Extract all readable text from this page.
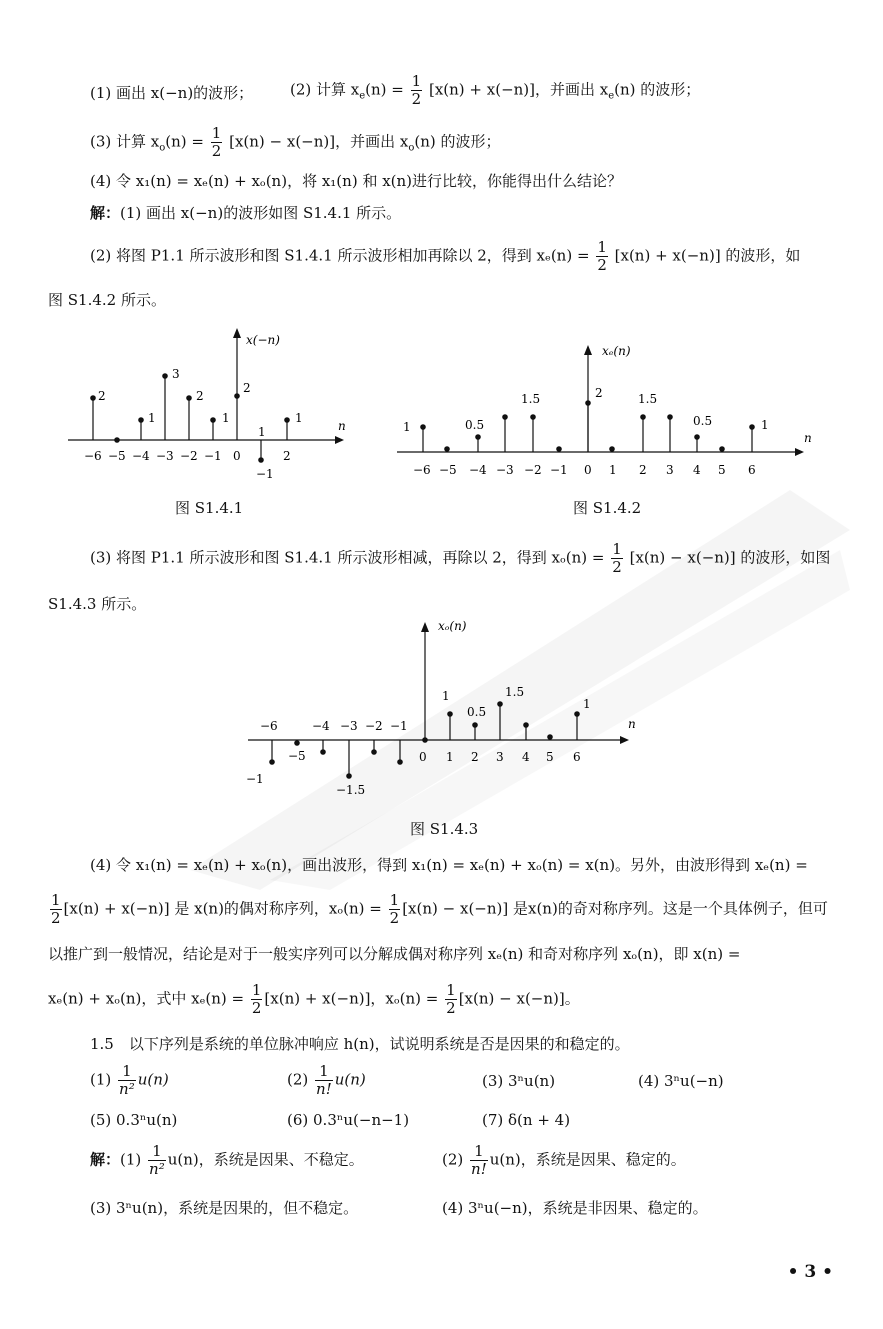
(1) 画出 x(−n)的波形； (2) 计算 $x_e(n) = \frac{1}{2} [x(n) + x(-n)]$，并画出 $x_e(n)$ 的波形；
(3) 计算 $x_o(n) = \frac{1}{2} [x(n) - x(-n)]$，并画出 $x_o(n)$ 的波形；
(4) 令 x₁(n) = xₑ(n) + xₒ(n)，将 x₁(n) 和 x(n)进行比较，你能得出什么结论？
解：(1) 画出 x(−n)的波形如图 S1.4.1 所示。
(2) 将图 P1.1 所示波形和图 S1.4.1 所示波形相加再除以 2，得到 $x_e(n) = \frac{1}{2} [x(n) + x(-n)]$ 的波形，如
图 S1.4.2 所示。
x(−n)
n
−6 −5 −4 −3 −2 −1 0	2
2
1
3
2
1
2
1
−1
1
图 S1.4.1
xₑ(n)
n
−6 −5 −4 −3 −2 −1 0 1 2 3 4 5 6
1	0.5
1.5	2	1.5
0.5	1
图 S1.4.2
(3) 将图 P1.1 所示波形和图 S1.4.1 所示波形相减，再除以 2，得到 $x_o(n) = \frac{1}{2} [x(n) - x(-n)]$ 的波形，如图
S1.4.3 所示。
xₒ(n)
n
−6	−4 −3 −2 −1
−5	0 1 2 3 4 5 6
1
0.5
1.5
1
−1
−1.5
图 S1.4.3
(4) 令 x₁(n) = xₑ(n) + xₒ(n)，画出波形，得到 x₁(n) = xₑ(n) + xₒ(n) = x(n)。另外，由波形得到 xₑ(n) =
$\frac{1}{2} [x(n) + x(-n)]$ 是 x(n)的偶对称序列，$x_o(n) = \frac{1}{2} [x(n) - x(-n)]$ 是x(n)的奇对称序列。这是一个具体例子，但可
以推广到一般情况，结论是对于一般实序列可以分解成偶对称序列 xₑ(n) 和奇对称序列 xₒ(n)，即 x(n) =
xₑ(n) + xₒ(n)，式中 $x_e(n) = \frac{1}{2} [x(n) + x(-n)]$，$x_o(n) = \frac{1}{2} [x(n) - x(-n)]$。
1.5　以下序列是系统的单位脉冲响应 h(n)，试说明系统是否是因果的和稳定的。
$(1) \frac{1}{\text{n²}} u(n)$	$(2) \frac{1}{n!} u(n)$	(3) 3ⁿu(n)	(4) 3ⁿu(−n)
(5) 0.3ⁿu(n)	(6) 0.3ⁿu(−n−1)	(7) δ(n + 4)
解：$(1) \frac{1}{\text{n²}} u(n)$，系统是因果、不稳定。	$(2) \frac{1}{n!} u(n)$，系统是因果、稳定的。
(3) 3ⁿu(n)，系统是因果的，但不稳定。	(4) 3ⁿu(−n)，系统是非因果、稳定的。
• 3 •
